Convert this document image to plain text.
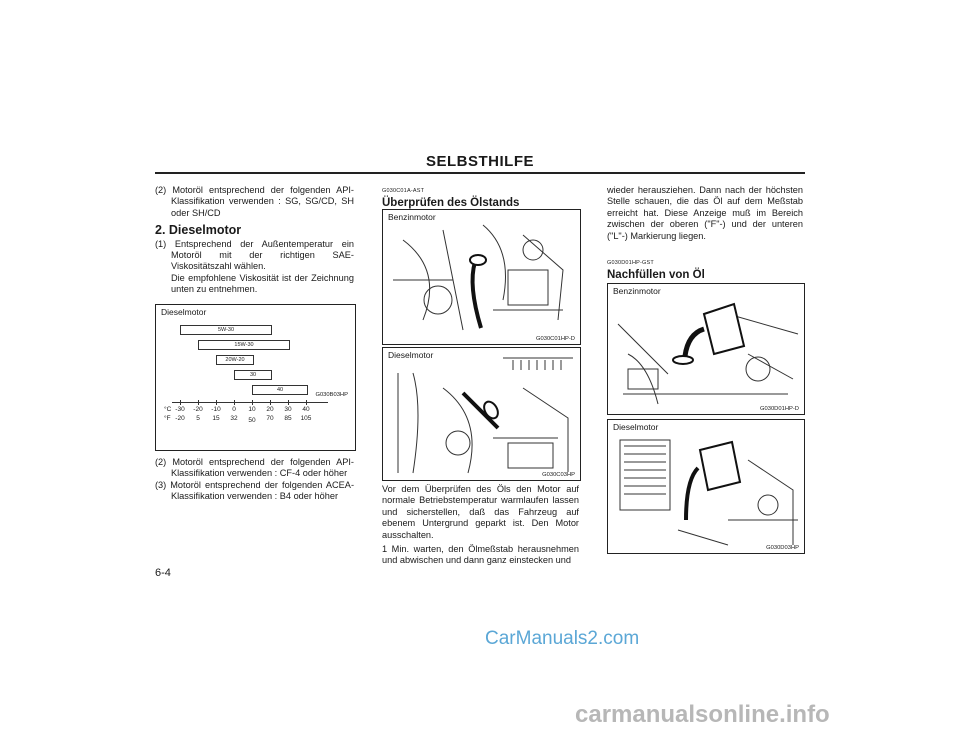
SELBSTHILFE

(2) Motoröl entsprechend der folgenden API-Klassifikation verwenden : SG, SG/CD, SH oder SH/CD

2. Dieselmotor

(1) Entsprechend der Außentemperatur ein Motoröl mit der richtigen SAE-Viskositätszahl wählen.

Die empfohlene Viskosität ist der Zeichnung unten zu entnehmen.

Dieselmotor
5W-30
15W-30
20W-20
30
40
-30
-20
-20
5
-10
15
0
32
10
50
20
70
30
85
40
105
°C
°F
G030B03HP

(2) Motoröl entsprechend der folgenden API-Klassifikation verwenden : CF-4 oder höher

(3) Motoröl entsprechend der folgenden ACEA-Klassifikation verwenden : B4 oder höher

G030C01A-AST
Überprüfen des Ölstands
Benzinmotor
G030C01HP-D
Dieselmotor
G030C03HP

Vor dem Überprüfen des Öls den Motor auf normale Betriebstemperatur warmlaufen lassen und sicherstellen, daß das Fahrzeug auf ebenem Untergrund geparkt ist. Den Motor ausschalten.

1 Min. warten, den Ölmeßstab herausnehmen und abwischen und dann ganz einstecken und

wieder herausziehen. Dann nach der höchsten Stelle schauen, die das Öl auf dem Meßstab erreicht hat. Diese Anzeige muß im Bereich zwischen der oberen ("F"-) und der unteren ("L"-) Markierung liegen.

G030D01HP-GST
Nachfüllen von Öl
Benzinmotor
G030D01HP-D
Dieselmotor
G030D03HP
6-4
CarManuals2.com
carmanualsonline.info
